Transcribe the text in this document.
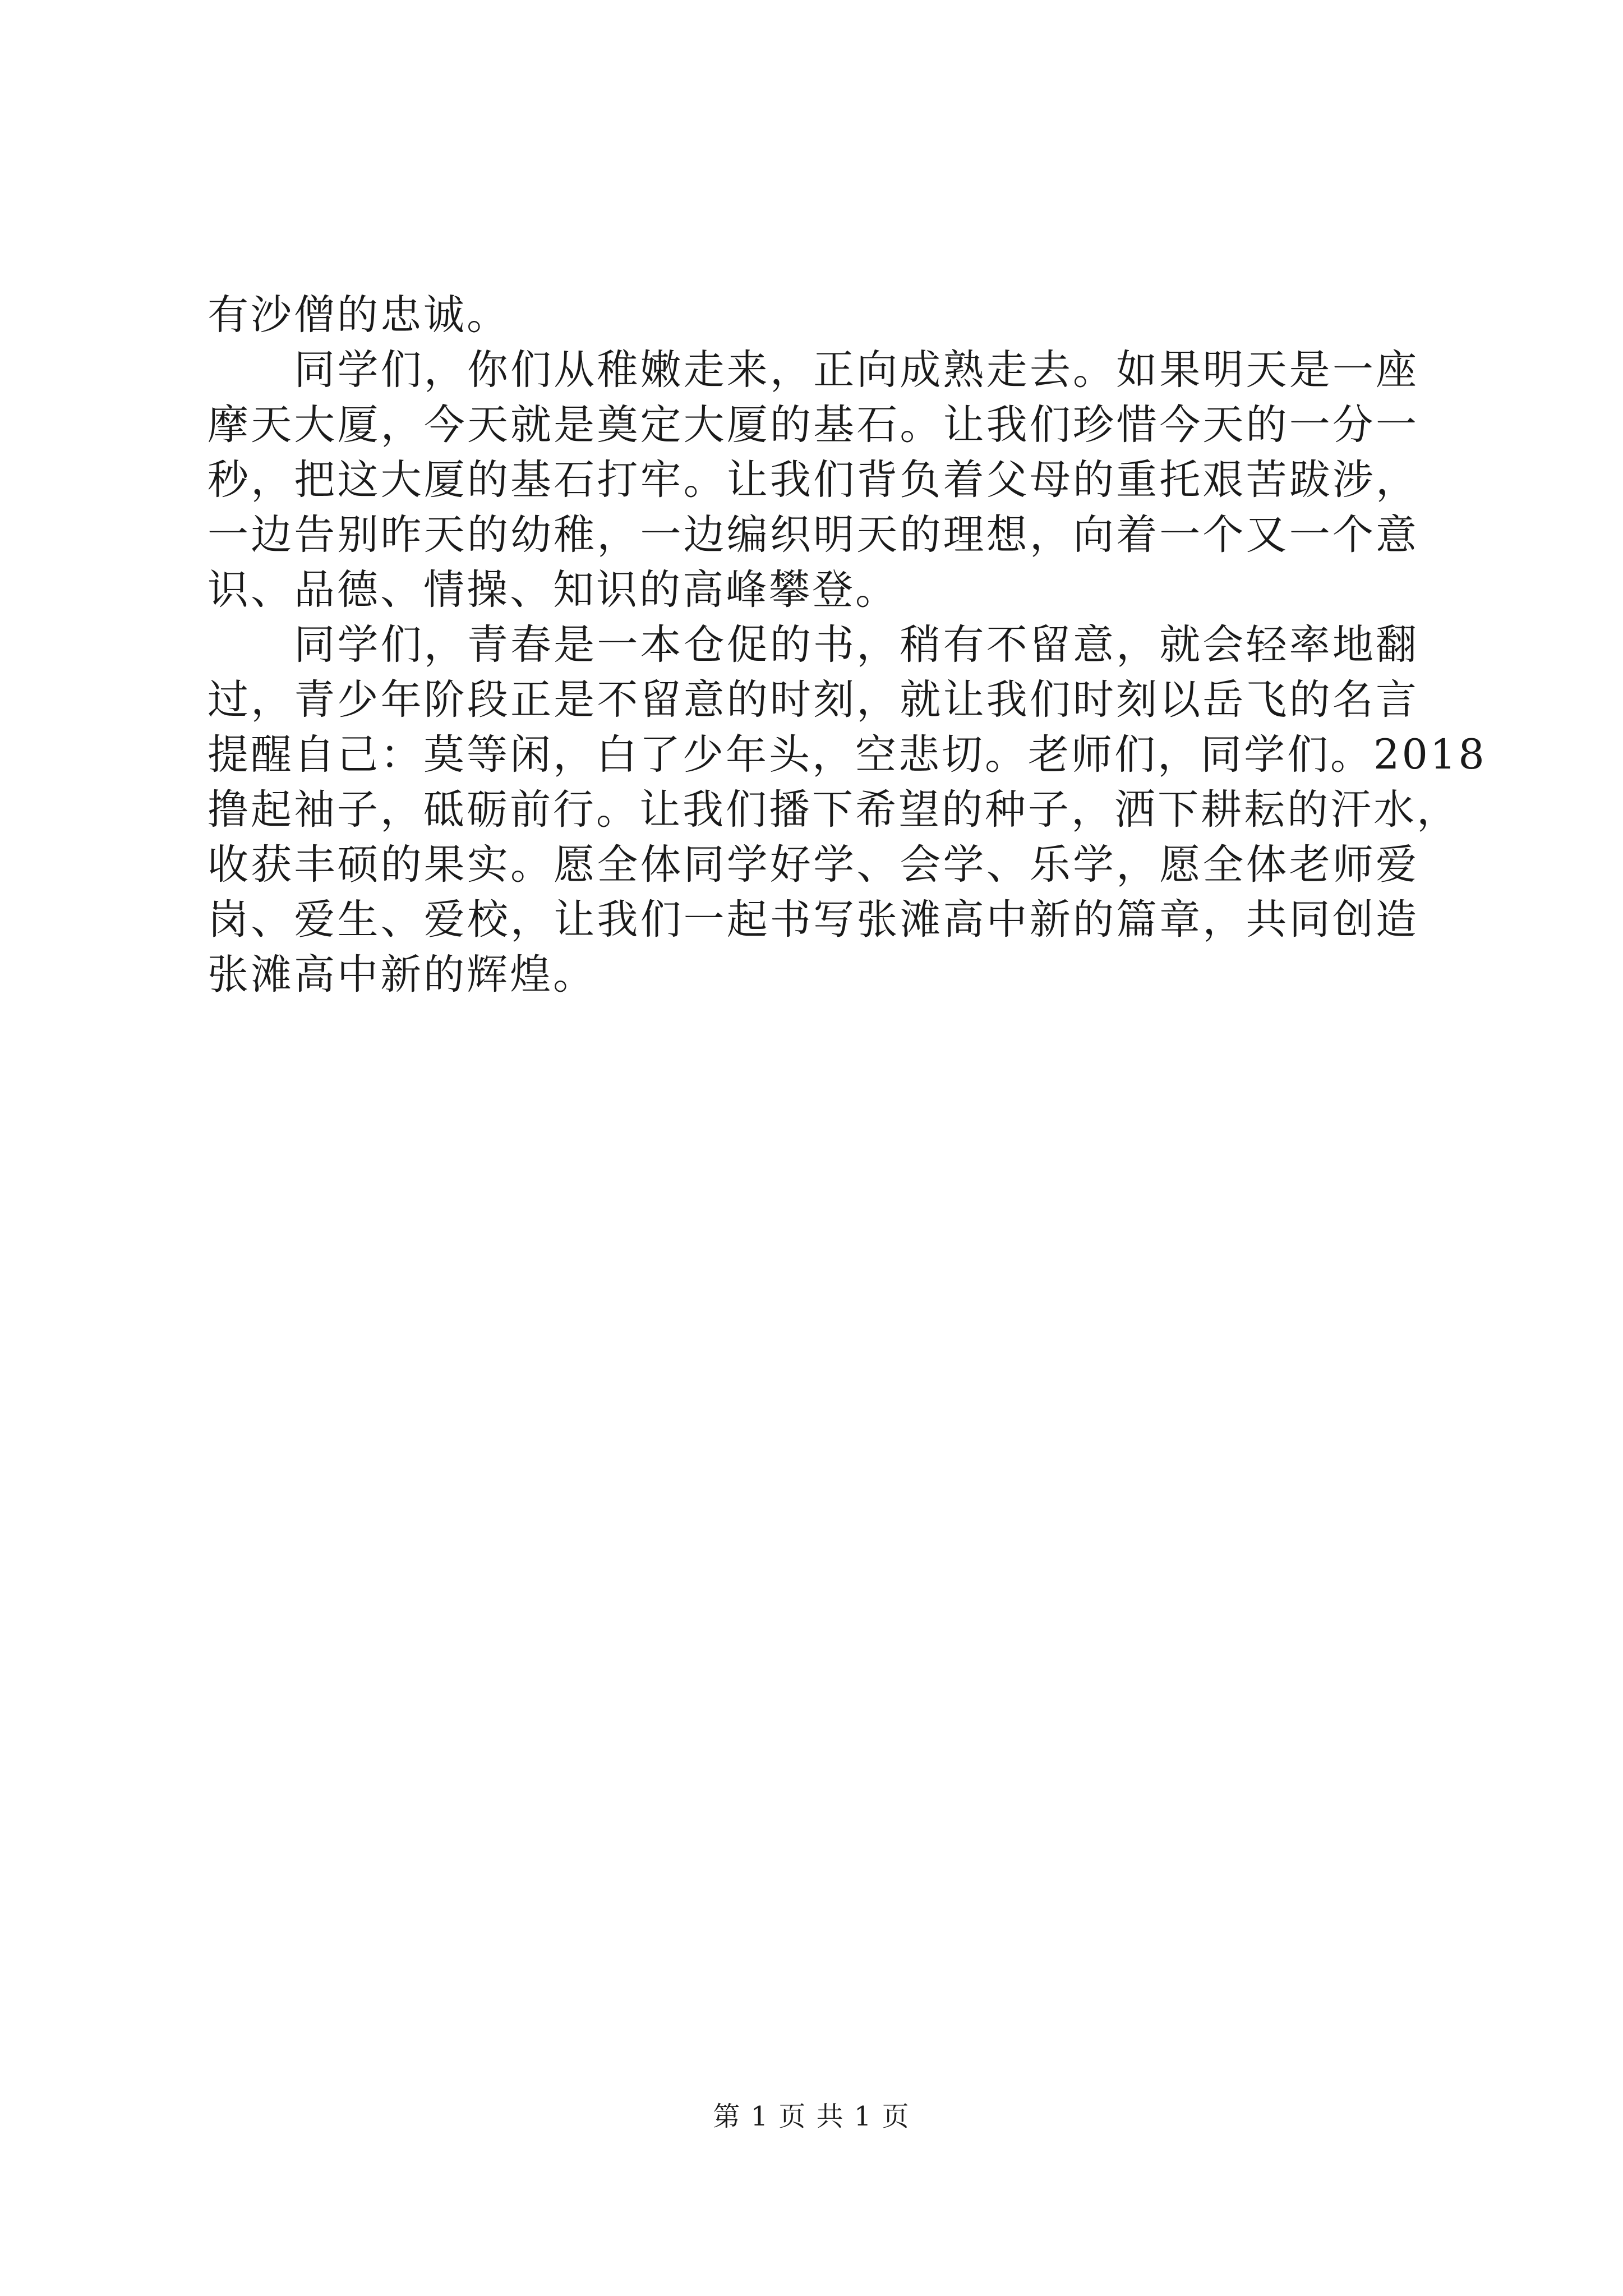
有沙僧的忠诚。
　　同学们，你们从稚嫩走来，正向成熟走去。如果明天是一座
摩天大厦，今天就是奠定大厦的基石。让我们珍惜今天的一分一
秒，把这大厦的基石打牢。让我们背负着父母的重托艰苦跋涉，
一边告别昨天的幼稚，一边编织明天的理想，向着一个又一个意
识、品德、情操、知识的高峰攀登。
　　同学们，青春是一本仓促的书，稍有不留意，就会轻率地翻
过，青少年阶段正是不留意的时刻，就让我们时刻以岳飞的名言
提醒自己：莫等闲，白了少年头，空悲切。老师们，同学们。2018
撸起袖子，砥砺前行。让我们播下希望的种子，洒下耕耘的汗水，
收获丰硕的果实。愿全体同学好学、会学、乐学，愿全体老师爱
岗、爱生、爱校，让我们一起书写张滩高中新的篇章，共同创造
张滩高中新的辉煌。
第 1 页 共 1 页
